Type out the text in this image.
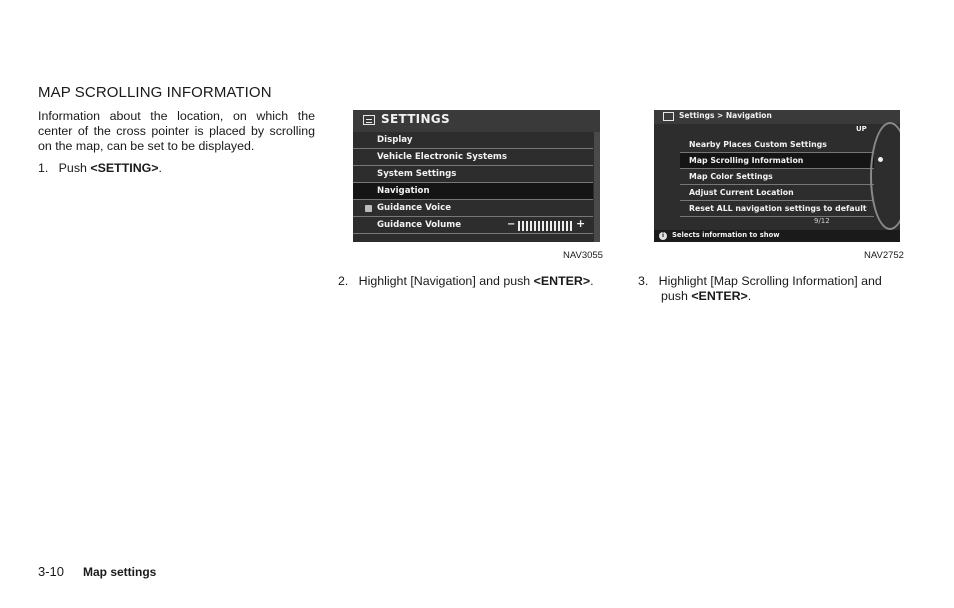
MAP SCROLLING INFORMATION

Information about the location, on which the center of the cross pointer is placed by scrolling on the map, can be set to be displayed.

1. Push <SETTING>.

SETTINGS
Display
Vehicle Electronic Systems
System Settings
Navigation
Guidance Voice
Guidance Volume	−	+
NAV3055
Settings > Navigation
UP
Nearby Places Custom Settings
Map Scrolling Information
Map Color Settings
Adjust Current Location
Reset ALL navigation settings to default
9/12
i	Selects information to show
NAV2752

2. Highlight [Navigation] and push <ENTER>.	3. Highlight [Map Scrolling Information] and
push <ENTER>.

3-10 Map settings
